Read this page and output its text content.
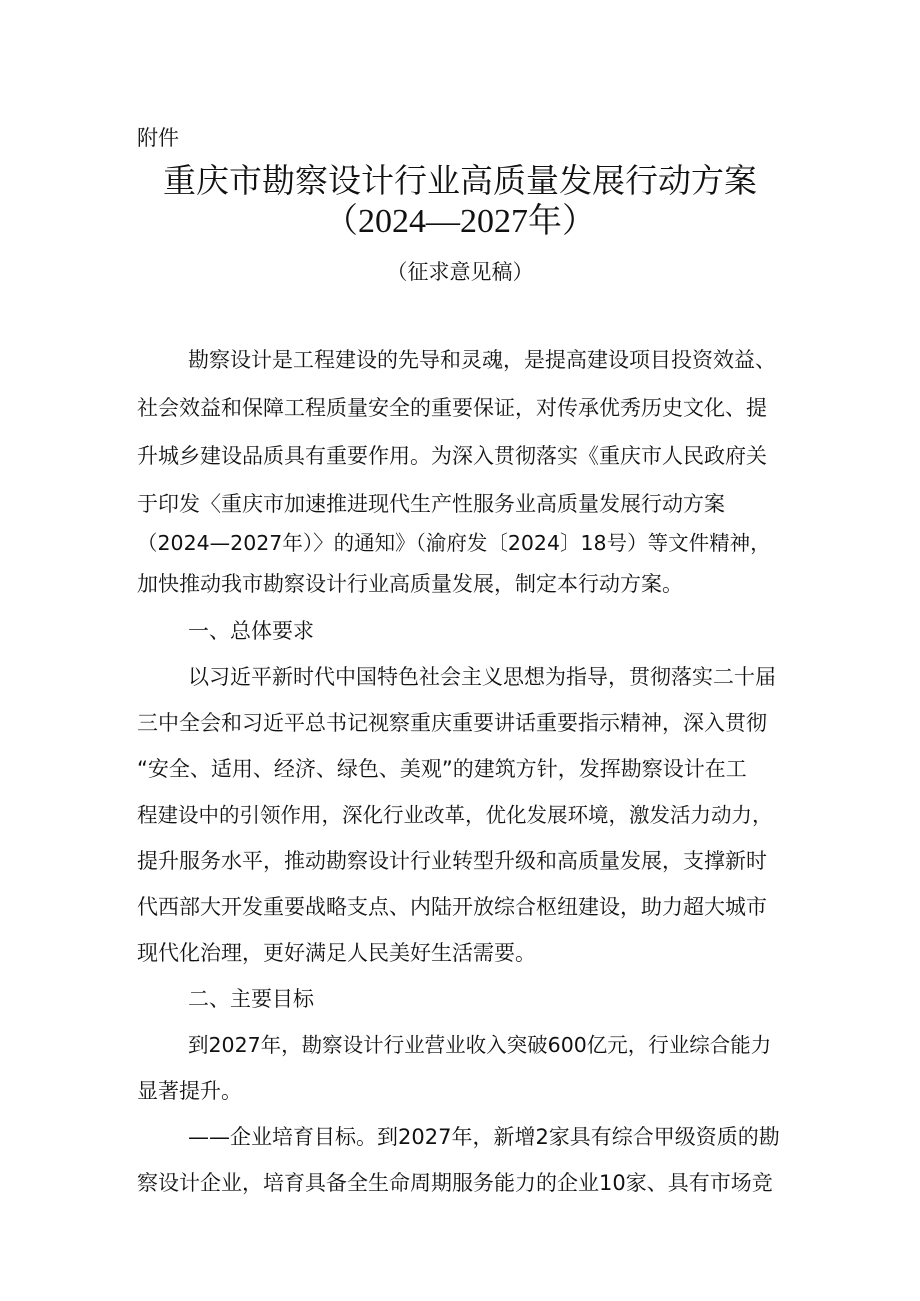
附件
重庆市勘察设计行业高质量发展行动方案
（2024—2027年）
（征求意见稿）
勘察设计是工程建设的先导和灵魂，是提高建设项目投资效益、
社会效益和保障工程质量安全的重要保证，对传承优秀历史文化、提
升城乡建设品质具有重要作用。为深入贯彻落实《重庆市人民政府关
于印发〈重庆市加速推进现代生产性服务业高质量发展行动方案
（2024—2027年）〉的通知》（渝府发〔2024〕18号）等文件精神，
加快推动我市勘察设计行业高质量发展，制定本行动方案。
一、总体要求
以习近平新时代中国特色社会主义思想为指导，贯彻落实二十届
三中全会和习近平总书记视察重庆重要讲话重要指示精神，深入贯彻
“安全、适用、经济、绿色、美观”的建筑方针，发挥勘察设计在工
程建设中的引领作用，深化行业改革，优化发展环境，激发活力动力，
提升服务水平，推动勘察设计行业转型升级和高质量发展，支撑新时
代西部大开发重要战略支点、内陆开放综合枢纽建设，助力超大城市
现代化治理，更好满足人民美好生活需要。
二、主要目标
到2027年，勘察设计行业营业收入突破600亿元，行业综合能力
显著提升。
——企业培育目标。到2027年，新增2家具有综合甲级资质的勘
察设计企业，培育具备全生命周期服务能力的企业10家、具有市场竞
